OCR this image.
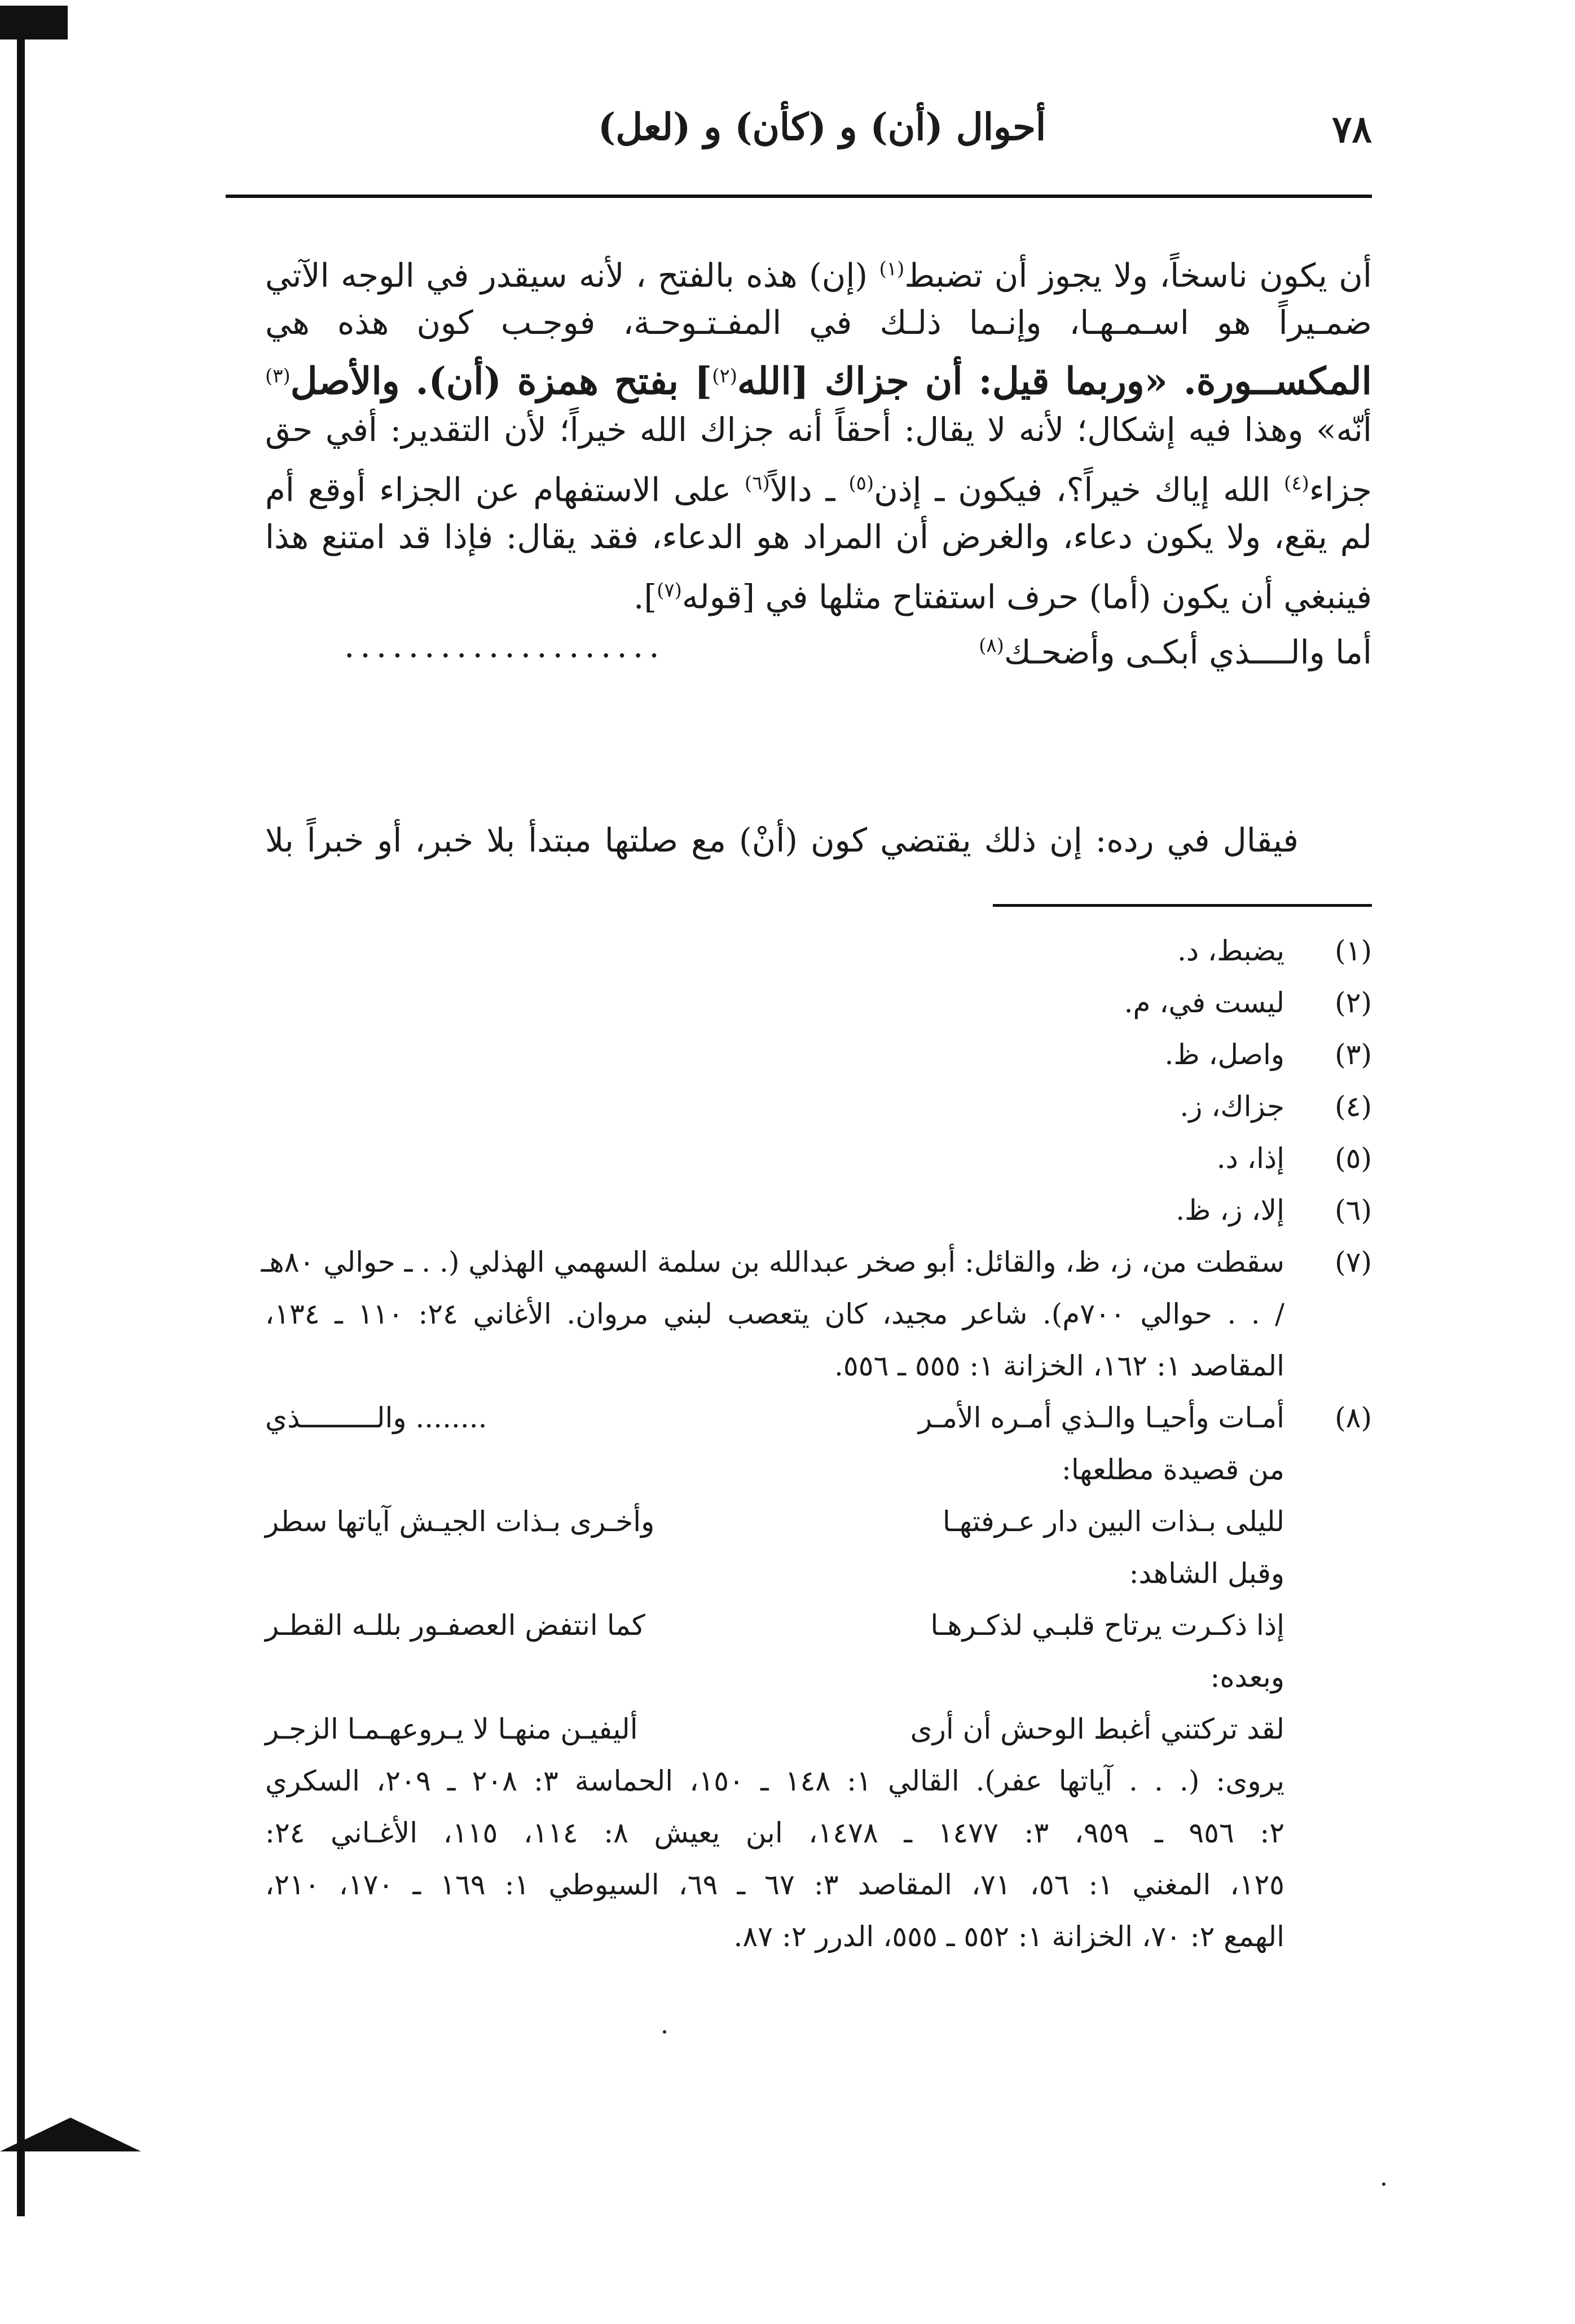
٧٨
أحوال (أن) و (كأن) و (لعل)
أن يكون ناسخاً، ولا يجوز أن تضبط$^{(١)}$ (إن) هذه بالفتح ، لأنه سيقدر في الوجه الآتي
ضمـيراً هو اسـمـهـا، وإنـما ذلـك في المفـتـوحـة، فوجـب كون هذه هي
المكســورة. «وربما قيل: أن جزاك [الله$^{(٢)}$] بفتح همزة (أن). والأصل$^{(٣)}$
أنّه» وهذا فيه إشكال؛ لأنه لا يقال: أحقاً أنه جزاك الله خيراً؛ لأن التقدير: أفي حق
جزاء$^{(٤)}$ الله إياك خيراً؟، فيكون ـ إذن$^{(٥)}$ ـ دالاً$^{(٦)}$ على الاستفهام عن الجزاء أوقع أم
لم يقع، ولا يكون دعاء، والغرض أن المراد هو الدعاء، فقد يقال: فإذا قد امتنع هذا
فينبغي أن يكون (أما) حرف استفتاح مثلها في [قوله$^{(٧)}$].
أما والــــذي أبكـى وأضحـك$^{(٨)}$
....................
فيقال في رده: إن ذلك يقتضي كون (أنْ) مع صلتها مبتدأ بلا خبر، أو خبراً بلا
(١)
يضبط، د.
(٢)
ليست في، م.
(٣)
واصل، ظ.
(٤)
جزاك، ز.
(٥)
إذا، د.
(٦)
إلا، ز، ظ.
(٧)
سقطت من، ز، ظ، والقائل: أبو صخر عبدالله بن سلمة السهمي الهذلي (. . ـ حوالي ٨٠هـ
/ . . حوالي ٧٠٠م). شاعر مجيد، كان يتعصب لبني مروان. الأغاني ٢٤: ١١٠ ـ ١٣٤،
المقاصد ١: ١٦٢، الخزانة ١: ٥٥٥ ـ ٥٥٦.
(٨)
أمـات وأحيـا والـذي أمـره الأمـر
........ والـــــــــذي
من قصيدة مطلعها:
لليلى بـذات البين دار عـرفتهـا
وأخـرى بـذات الجيـش آياتها سطر
وقبل الشاهد:
إذا ذكـرت يرتاح قلبـي لذكـرهـا
كما انتفض العصفـور بللـه القطـر
وبعده:
لقد تركتني أغبط الوحش أن أرى
أليفيـن منهـا لا يـروعهـمـا الزجـر
يروى: (. . . آياتها عفر). القالي ١: ١٤٨ ـ ١٥٠، الحماسة ٣: ٢٠٨ ـ ٢٠٩، السكري
٢: ٩٥٦ ـ ٩٥٩، ٣: ١٤٧٧ ـ ١٤٧٨، ابن يعيش ٨: ١١٤، ١١٥، الأغـاني ٢٤:
١٢٥، المغني ١: ٥٦، ٧١، المقاصد ٣: ٦٧ ـ ٦٩، السيوطي ١: ١٦٩ ـ ١٧٠، ٢١٠،
الهمع ٢: ٧٠، الخزانة ١: ٥٥٢ ـ ٥٥٥، الدرر ٢: ٨٧.
